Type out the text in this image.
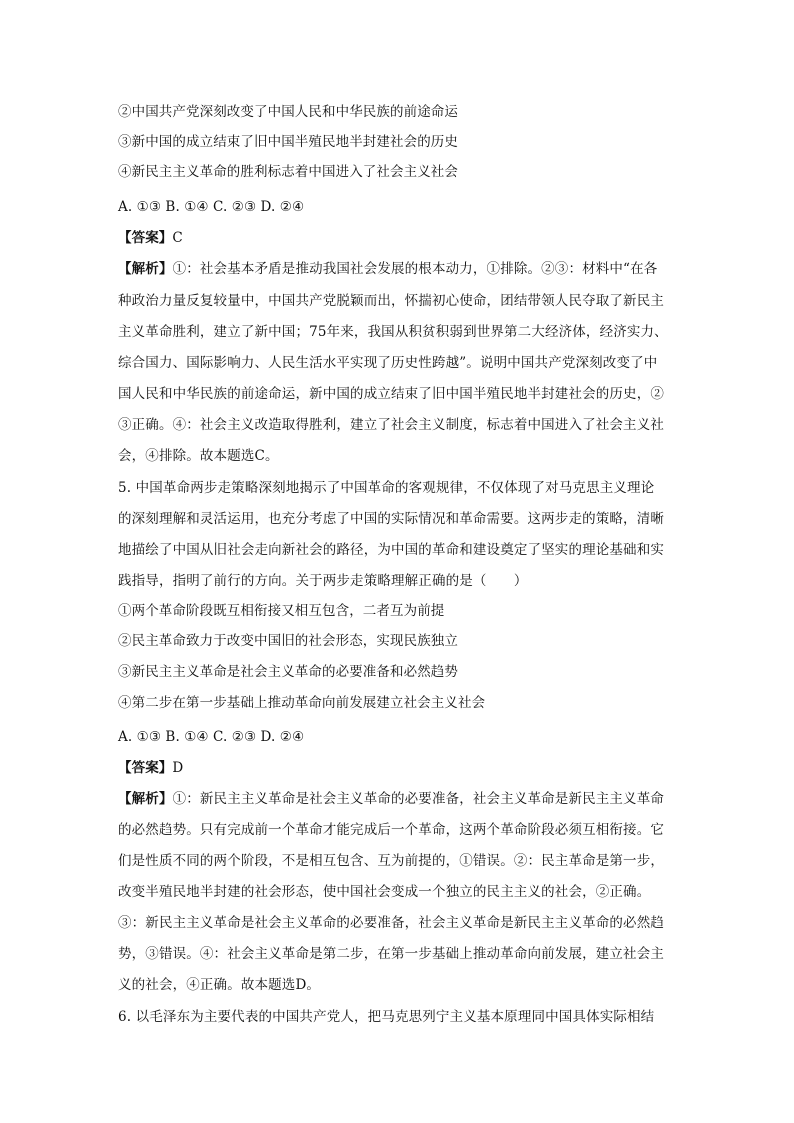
②中国共产党深刻改变了中国人民和中华民族的前途命运
③新中国的成立结束了旧中国半殖民地半封建社会的历史
④新民主主义革命的胜利标志着中国进入了社会主义社会
A. ①③ B. ①④ C. ②③ D. ②④
【答案】C
【解析】①：社会基本矛盾是推动我国社会发展的根本动力，①排除。②③：材料中“在各
种政治力量反复较量中，中国共产党脱颖而出，怀揣初心使命，团结带领人民夺取了新民主
主义革命胜利，建立了新中国；75年来，我国从积贫积弱到世界第二大经济体，经济实力、
综合国力、国际影响力、人民生活水平实现了历史性跨越”。说明中国共产党深刻改变了中
国人民和中华民族的前途命运，新中国的成立结束了旧中国半殖民地半封建社会的历史，②
③正确。④：社会主义改造取得胜利，建立了社会主义制度，标志着中国进入了社会主义社
会，④排除。故本题选C。
5. 中国革命两步走策略深刻地揭示了中国革命的客观规律，不仅体现了对马克思主义理论
的深刻理解和灵活运用，也充分考虑了中国的实际情况和革命需要。这两步走的策略，清晰
地描绘了中国从旧社会走向新社会的路径，为中国的革命和建设奠定了坚实的理论基础和实
践指导，指明了前行的方向。关于两步走策略理解正确的是（　　）
①两个革命阶段既互相衔接又相互包含，二者互为前提
②民主革命致力于改变中国旧的社会形态，实现民族独立
③新民主主义革命是社会主义革命的必要准备和必然趋势
④第二步在第一步基础上推动革命向前发展建立社会主义社会
A. ①③ B. ①④ C. ②③ D. ②④
【答案】D
【解析】①：新民主主义革命是社会主义革命的必要准备，社会主义革命是新民主主义革命
的必然趋势。只有完成前一个革命才能完成后一个革命，这两个革命阶段必须互相衔接。它
们是性质不同的两个阶段，不是相互包含、互为前提的，①错误。②：民主革命是第一步，
改变半殖民地半封建的社会形态，使中国社会变成一个独立的民主主义的社会，②正确。
③：新民主主义革命是社会主义革命的必要准备，社会主义革命是新民主主义革命的必然趋
势，③错误。④：社会主义革命是第二步，在第一步基础上推动革命向前发展，建立社会主
义的社会，④正确。故本题选D。
6. 以毛泽东为主要代表的中国共产党人，把马克思列宁主义基本原理同中国具体实际相结
